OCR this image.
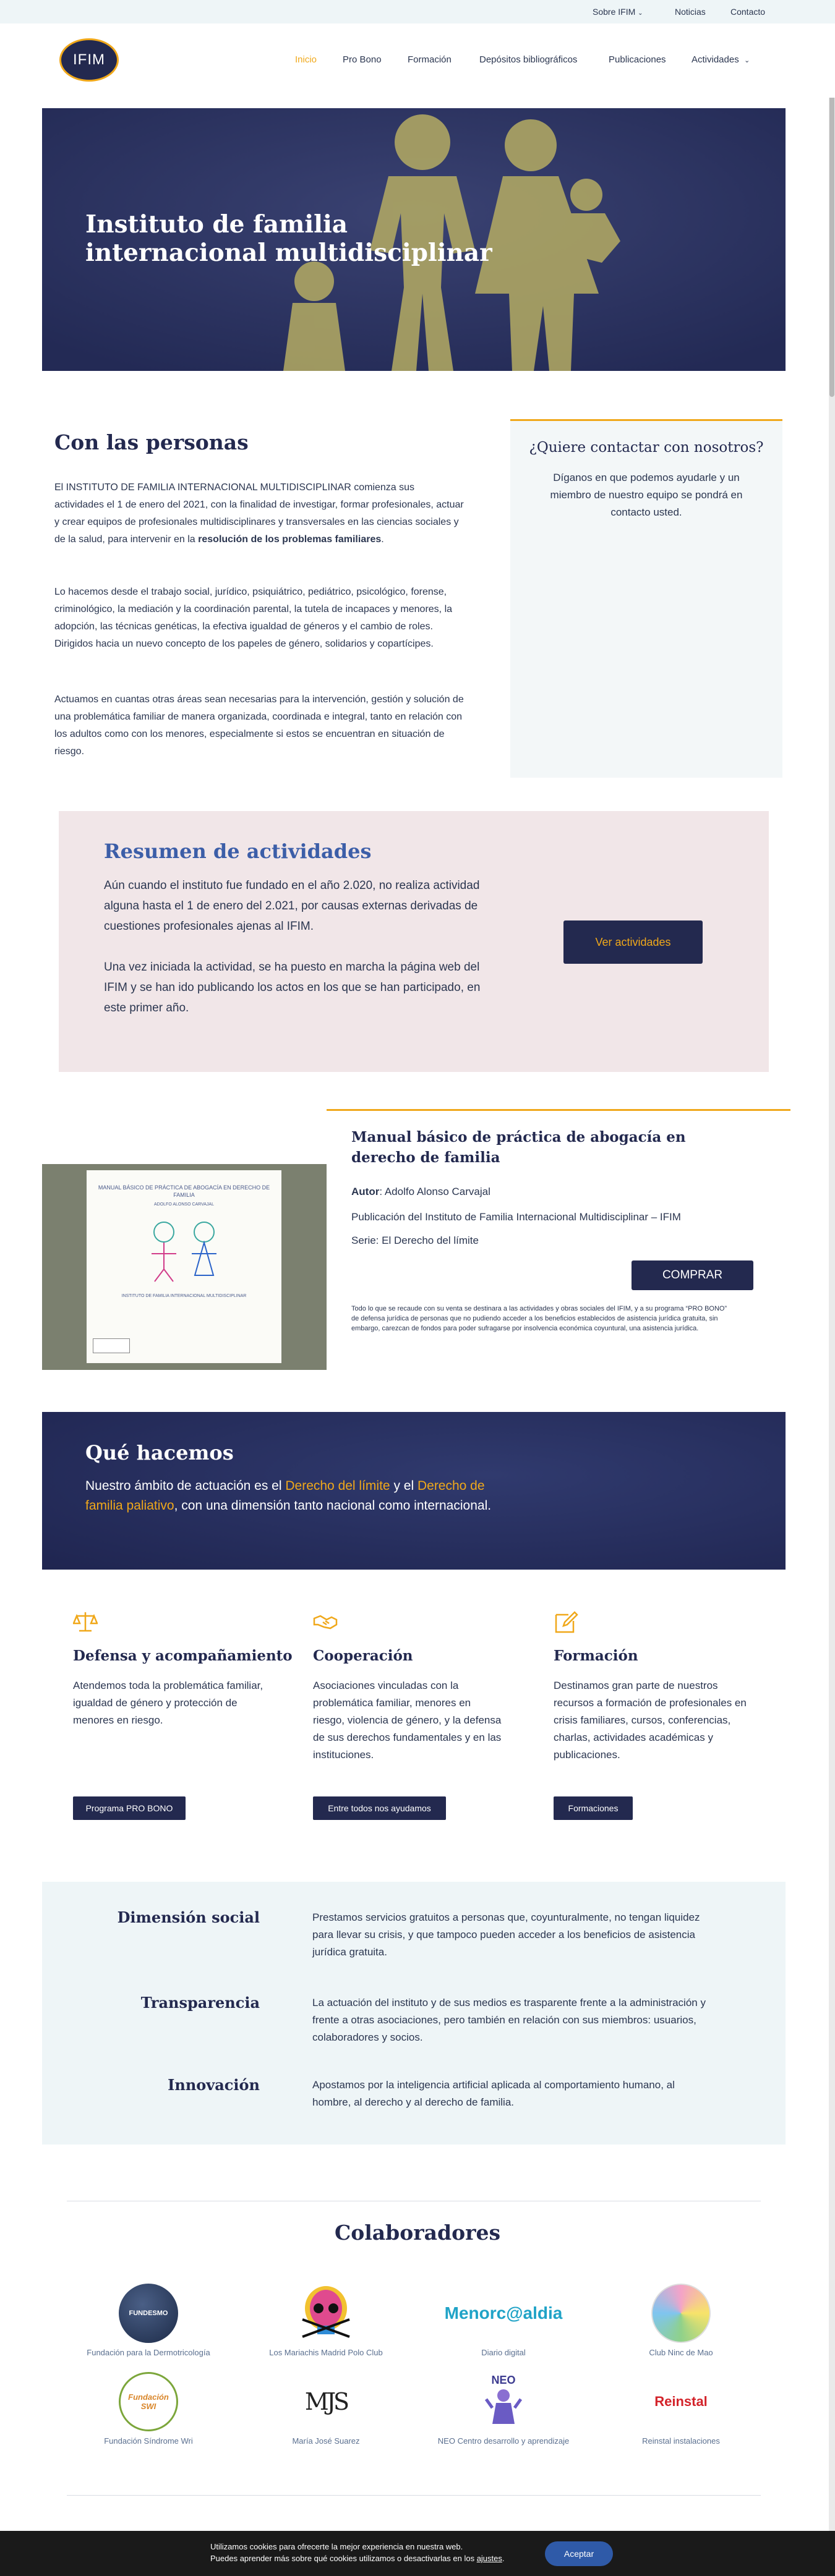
Sobre IFIM ⌄	Noticias	Contacto
IFIM	Inicio	Pro Bono	Formación	Depósitos bibliográficos	Publicaciones	Actividades ⌄
Instituto de familia
internacional multidisciplinar
Con las personas
El INSTITUTO DE FAMILIA INTERNACIONAL MULTIDISCIPLINAR comienza sus actividades el 1 de enero del 2021, con la finalidad de investigar, formar profesionales, actuar y crear equipos de profesionales multidisciplinares y transversales en las ciencias sociales y de la salud, para intervenir en la resolución de los problemas familiares.
Lo hacemos desde el trabajo social, jurídico, psiquiátrico, pediátrico, psicológico, forense, criminológico, la mediación y la coordinación parental, la tutela de incapaces y menores, la adopción, las técnicas genéticas, la efectiva igualdad de géneros y el cambio de roles. Dirigidos hacia un nuevo concepto de los papeles de género, solidarios y copartícipes.
Actuamos en cuantas otras áreas sean necesarias para la intervención, gestión y solución de una problemática familiar de manera organizada, coordinada e integral, tanto en relación con los adultos como con los menores, especialmente si estos se encuentran en situación de riesgo.
¿Quiere contactar con nosotros?
Díganos en que podemos ayudarle y un miembro de nuestro equipo se pondrá en contacto usted.
Resumen de actividades
Aún cuando el instituto fue fundado en el año 2.020, no realiza actividad alguna hasta el 1 de enero del 2.021, por causas externas derivadas de cuestiones profesionales ajenas al IFIM.
Una vez iniciada la actividad, se ha puesto en marcha la página web del IFIM y se han ido publicando los actos en los que se han participado, en este primer año.
Ver actividades
MANUAL BÁSICO DE PRÁCTICA DE ABOGACÍA EN DERECHO DE FAMILIA
ADOLFO ALONSO CARVAJAL
INSTITUTO DE FAMILIA INTERNACIONAL MULTIDISCIPLINAR
Manual básico de práctica de abogacía en derecho de familia
Autor: Adolfo Alonso Carvajal
Publicación del Instituto de Familia Internacional Multidisciplinar – IFIM
Serie: El Derecho del límite
COMPRAR
Todo lo que se recaude con su venta se destinara a las actividades y obras sociales del IFIM, y a su programa “PRO BONO” de defensa jurídica de personas que no pudiendo acceder a los beneficios establecidos de asistencia jurídica gratuita, sin embargo, carezcan de fondos para poder sufragarse por insolvencia económica coyuntural, una asistencia jurídica.
Qué hacemos
Nuestro ámbito de actuación es el Derecho del límite y el Derecho de familia paliativo, con una dimensión tanto nacional como internacional.
Defensa y acompañamiento
Atendemos toda la problemática familiar, igualdad de género y protección de menores en riesgo.
Programa PRO BONO
Cooperación
Asociaciones vinculadas con la problemática familiar, menores en riesgo, violencia de género, y la defensa de sus derechos fundamentales y en las instituciones.
Entre todos nos ayudamos
Formación
Destinamos gran parte de nuestros recursos a formación de profesionales en crisis familiares, cursos, conferencias, charlas, actividades académicas y publicaciones.
Formaciones
Dimensión social	Prestamos servicios gratuitos a personas que, coyunturalmente, no tengan liquidez para llevar su crisis, y que tampoco pueden acceder a los beneficios de asistencia jurídica gratuita.
Transparencia	La actuación del instituto y de sus medios es trasparente frente a la administración y frente a otras asociaciones, pero también en relación con sus miembros: usuarios, colaboradores y socios.
Innovación	Apostamos por la inteligencia artificial aplicada al comportamiento humano, al hombre, al derecho y al derecho de familia.
Colaboradores
FUNDESMO
Fundación para la Dermotricología	Los Mariachis Madrid Polo Club
Menorc@aldia
Diario digital	Club Ninc de Mao
Fundación SWI
Fundación Síndrome Wri
MJS
María José Suarez
NEO
NEO Centro desarrollo y aprendizaje
Reinstal
Reinstal instalaciones
Utilizamos cookies para ofrecerte la mejor experiencia en nuestra web.
Puedes aprender más sobre qué cookies utilizamos o desactivarlas en los ajustes.	Aceptar
